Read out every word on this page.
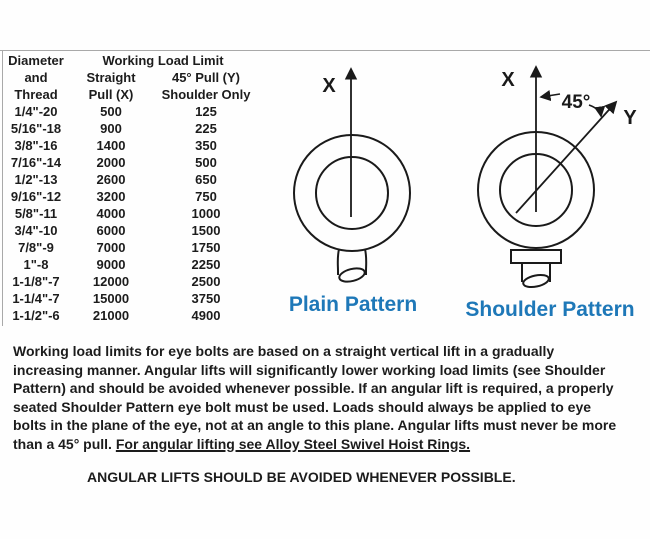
Diameter	Working Load Limit	
and	Straight	45° Pull (Y)
Thread	Pull (X)	Shoulder Only
1/4"-20	500	125
5/16"-18	900	225
3/8"-16	1400	350
7/16"-14	2000	500
1/2"-13	2600	650
9/16"-12	3200	750
5/8"-11	4000	1000
3/4"-10	6000	1500
7/8"-9	7000	1750
1"-8	9000	2250
1-1/8"-7	12000	2500
1-1/4"-7	15000	3750
1-1/2"-6	21000	4900
X
Plain Pattern
45°
X
Y
Shoulder Pattern
Working load limits for eye bolts are based on a straight vertical lift in a gradually
increasing manner. Angular lifts will significantly lower working load limits (see Shoulder
Pattern) and should be avoided whenever possible. If an angular lift is required, a properly
seated Shoulder Pattern eye bolt must be used. Loads should always be applied to eye
bolts in the plane of the eye, not at an angle to this plane. Angular lifts must never be more
than a 45° pull. For angular lifting see Alloy Steel Swivel Hoist Rings.
ANGULAR LIFTS SHOULD BE AVOIDED WHENEVER POSSIBLE.
